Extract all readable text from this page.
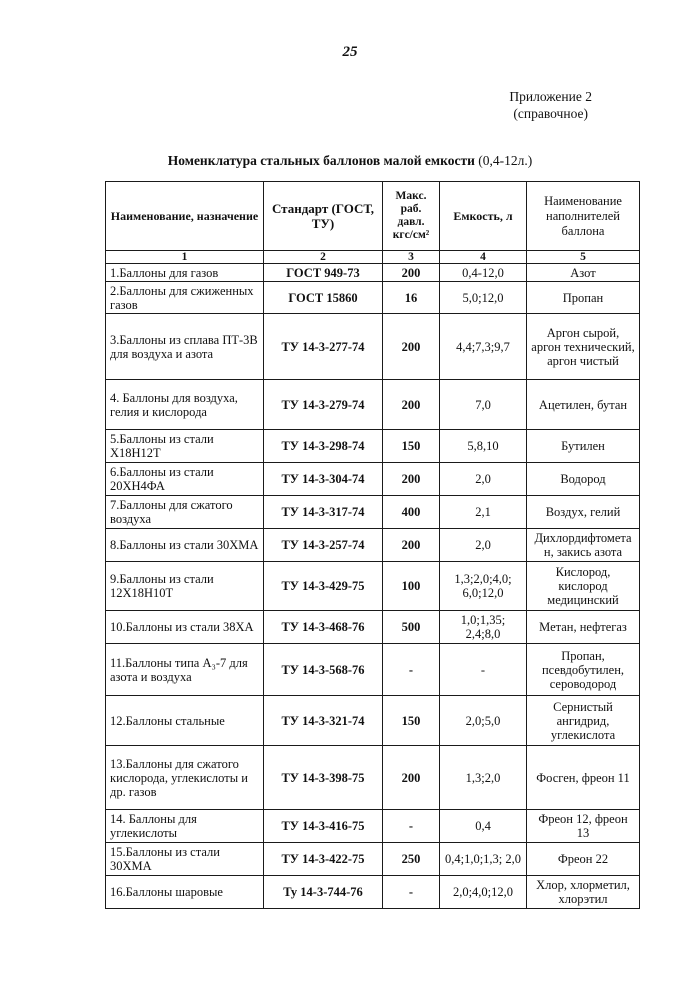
25
Приложение 2
(справочное)
Номенклатура стальных баллонов малой емкости (0,4-12л.)
Наименование, назначение	Стандарт (ГОСТ, ТУ)	Макс. раб. давл. кгс/см²	Емкость, л	Наименование наполнителей баллона
1	2	3	4	5
1.Баллоны для газов	ГОСТ 949-73	200	0,4-12,0	Азот
2.Баллоны для сжиженных газов	ГОСТ 15860	16	5,0;12,0	Пропан
3.Баллоны из сплава ПТ-3В для воздуха и азота	ТУ 14-3-277-74	200	4,4;7,3;9,7	Аргон сырой, аргон технический, аргон чистый
4. Баллоны для воздуха, гелия и кислорода	ТУ 14-3-279-74	200	7,0	Ацетилен, бутан
5.Баллоны из стали Х18Н12Т	ТУ 14-3-298-74	150	5,8,10	Бутилен
6.Баллоны из стали 20ХН4ФА	ТУ 14-3-304-74	200	2,0	Водород
7.Баллоны для сжатого воздуха	ТУ 14-3-317-74	400	2,1	Воздух, гелий
8.Баллоны из стали 30ХМА	ТУ 14-3-257-74	200	2,0	Дихлордифтомета н, закись азота
9.Баллоны из стали 12Х18Н10Т	ТУ 14-3-429-75	100	1,3;2,0;4,0; 6,0;12,0	Кислород, кислород медицинский
10.Баллоны из стали 38ХА	ТУ 14-3-468-76	500	1,0;1,35; 2,4;8,0	Метан, нефтегаз
11.Баллоны типа А₃-7 для азота и воздуха	ТУ 14-3-568-76	-	-	Пропан, псевдобутилен, сероводород
12.Баллоны стальные	ТУ 14-3-321-74	150	2,0;5,0	Сернистый ангидрид, углекислота
13.Баллоны для сжатого кислорода, углекислоты и др. газов	ТУ 14-3-398-75	200	1,3;2,0	Фосген, фреон 11
14. Баллоны для углекислоты	ТУ 14-3-416-75	-	0,4	Фреон 12, фреон 13
15.Баллоны из стали 30ХМА	ТУ 14-3-422-75	250	0,4;1,0;1,3; 2,0	Фреон 22
16.Баллоны шаровые	Ту 14-3-744-76	-	2,0;4,0;12,0	Хлор, хлорметил, хлорэтил
